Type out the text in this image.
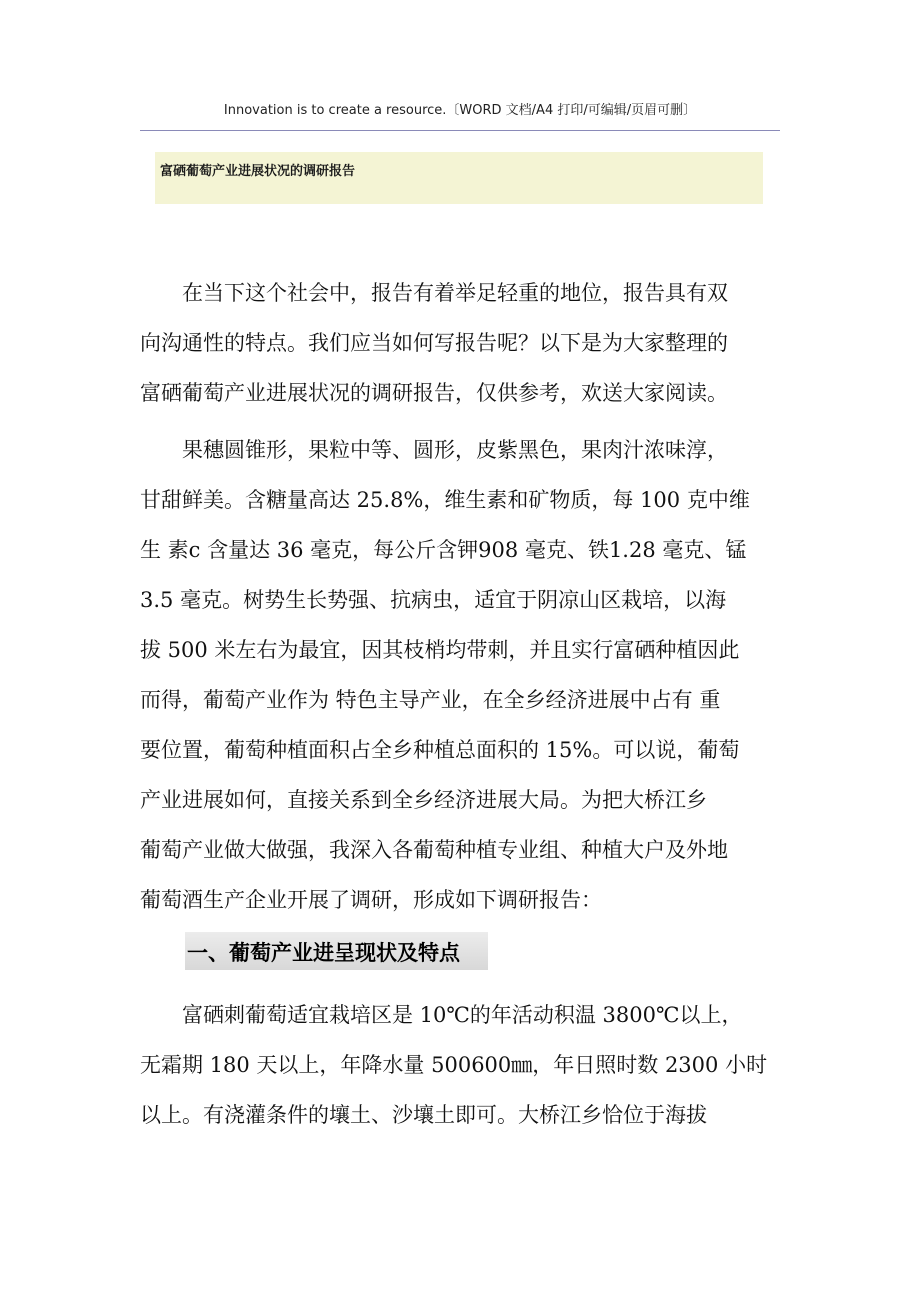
Innovation is to create a resource.〔WORD 文档/A4 打印/可编辑/页眉可删〕
富硒葡萄产业进展状况的调研报告
　　在当下这个社会中，报告有着举足轻重的地位，报告具有双
向沟通性的特点。我们应当如何写报告呢？以下是为大家整理的
富硒葡萄产业进展状况的调研报告，仅供参考，欢送大家阅读。
　　果穗圆锥形，果粒中等、圆形，皮紫黑色，果肉汁浓味淳，
甘甜鲜美。含糖量高达 25.8%，维生素和矿物质，每 100 克中维
生 素c 含量达 36 毫克，每公斤含钾908 毫克、铁1.28 毫克、锰
3.5 毫克。树势生长势强、抗病虫，适宜于阴凉山区栽培，以海
拔 500 米左右为最宜，因其枝梢均带刺，并且实行富硒种植因此
而得，葡萄产业作为 特色主导产业，在全乡经济进展中占有 重
要位置，葡萄种植面积占全乡种植总面积的 15%。可以说，葡萄
产业进展如何，直接关系到全乡经济进展大局。为把大桥江乡
葡萄产业做大做强，我深入各葡萄种植专业组、种植大户及外地
葡萄酒生产企业开展了调研，形成如下调研报告：
一、葡萄产业进呈现状及特点
　　富硒刺葡萄适宜栽培区是 10℃的年活动积温 3800℃以上，
无霜期 180 天以上，年降水量 500600㎜，年日照时数 2300 小时
以上。有浇灌条件的壤土、沙壤土即可。大桥江乡恰位于海拔
